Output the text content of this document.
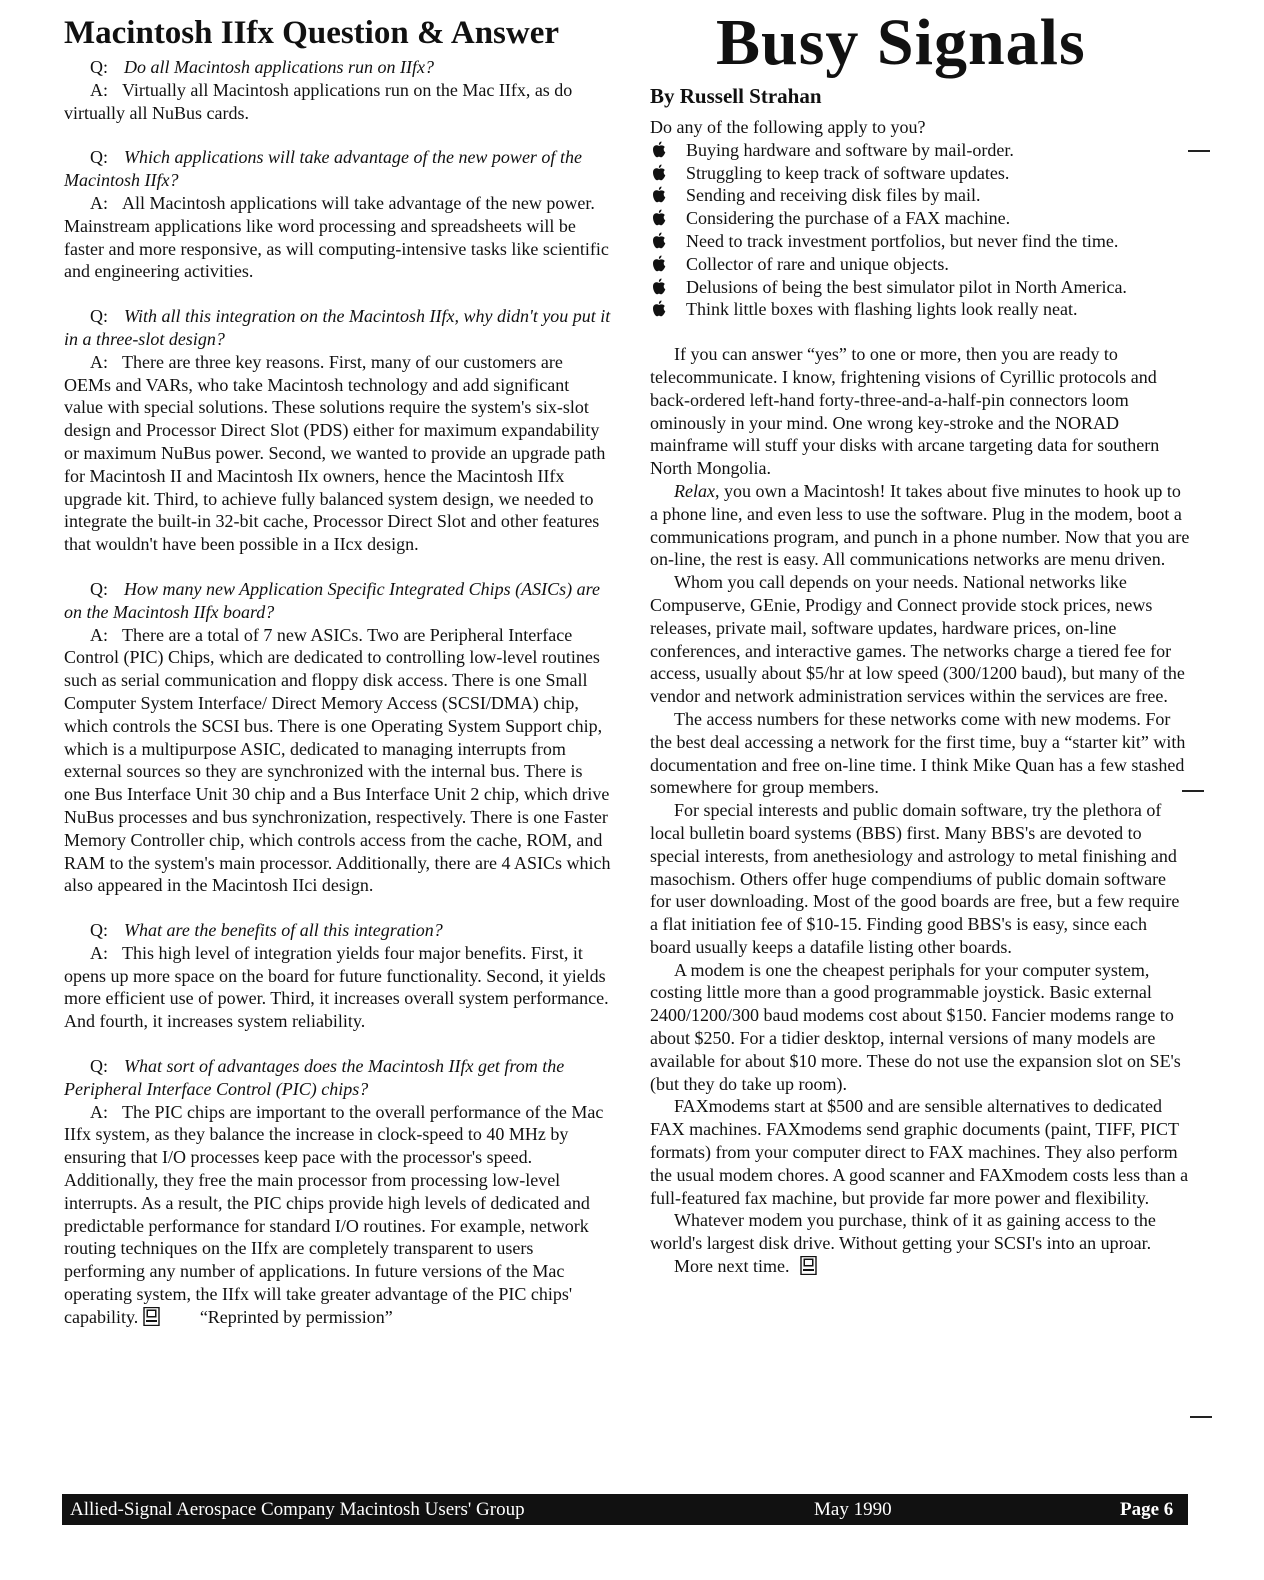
Macintosh IIfx Question & Answer

Q: Do all Macintosh applications run on IIfx?

A: Virtually all Macintosh applications run on the Mac IIfx, as do virtually all NuBus cards.

Q: Which applications will take advantage of the new power of the Macintosh IIfx?

A: All Macintosh applications will take advantage of the new power. Mainstream applications like word processing and spreadsheets will be faster and more responsive, as will computing-intensive tasks like scientific and engineering activities.

Q: With all this integration on the Macintosh IIfx, why didn't you put it in a three-slot design?

A: There are three key reasons. First, many of our customers are OEMs and VARs, who take Macintosh technology and add significant value with special solutions. These solutions require the system's six-slot design and Processor Direct Slot (PDS) either for maximum expandability or maximum NuBus power. Second, we wanted to provide an upgrade path for Macintosh II and Macintosh IIx owners, hence the Macintosh IIfx upgrade kit. Third, to achieve fully balanced system design, we needed to integrate the built-in 32-bit cache, Processor Direct Slot and other features that wouldn't have been possible in a IIcx design.

Q: How many new Application Specific Integrated Chips (ASICs) are on the Macintosh IIfx board?

A: There are a total of 7 new ASICs. Two are Peripheral Interface Control (PIC) Chips, which are dedicated to controlling low-level routines such as serial communication and floppy disk access. There is one Small Computer System Interface/ Direct Memory Access (SCSI/DMA) chip, which controls the SCSI bus. There is one Operating System Support chip, which is a multipurpose ASIC, dedicated to managing interrupts from external sources so they are synchronized with the internal bus. There is one Bus Interface Unit 30 chip and a Bus Interface Unit 2 chip, which drive NuBus processes and bus synchronization, respectively. There is one Faster Memory Controller chip, which controls access from the cache, ROM, and RAM to the system's main processor. Additionally, there are 4 ASICs which also appeared in the Macintosh IIci design.

Q: What are the benefits of all this integration?

A: This high level of integration yields four major benefits. First, it opens up more space on the board for future functionality. Second, it yields more efficient use of power. Third, it increases overall system performance. And fourth, it increases system reliability.

Q: What sort of advantages does the Macintosh IIfx get from the Peripheral Interface Control (PIC) chips?

A: The PIC chips are important to the overall performance of the Mac IIfx system, as they balance the increase in clock-speed to 40 MHz by ensuring that I/O processes keep pace with the processor's speed. Additionally, they free the main processor from processing low-level interrupts. As a result, the PIC chips provide high levels of dedicated and predictable performance for standard I/O routines. For example, network routing techniques on the IIfx are completely transparent to users performing any number of applications. In future versions of the Mac operating system, the IIfx will take greater advantage of the PIC chips' capability.	“Reprinted by permission”

Busy Signals
By Russell Strahan

Do any of the following apply to you?

Buying hardware and software by mail-order.
Struggling to keep track of software updates.
Sending and receiving disk files by mail.
Considering the purchase of a FAX machine.
Need to track investment portfolios, but never find the time.
Collector of rare and unique objects.
Delusions of being the best simulator pilot in North America.
Think little boxes with flashing lights look really neat.

If you can answer “yes” to one or more, then you are ready to telecommunicate. I know, frightening visions of Cyrillic protocols and back-ordered left-hand forty-three-and-a-half-pin connectors loom ominously in your mind. One wrong key-stroke and the NORAD mainframe will stuff your disks with arcane targeting data for southern North Mongolia.

Relax, you own a Macintosh! It takes about five minutes to hook up to a phone line, and even less to use the software. Plug in the modem, boot a communications program, and punch in a phone number. Now that you are on-line, the rest is easy. All communications networks are menu driven.

Whom you call depends on your needs. National networks like Compuserve, GEnie, Prodigy and Connect provide stock prices, news releases, private mail, software updates, hardware prices, on-line conferences, and interactive games. The networks charge a tiered fee for access, usually about $5/hr at low speed (300/1200 baud), but many of the vendor and network administration services within the services are free.

The access numbers for these networks come with new modems. For the best deal accessing a network for the first time, buy a “starter kit” with documentation and free on-line time. I think Mike Quan has a few stashed somewhere for group members.

For special interests and public domain software, try the plethora of local bulletin board systems (BBS) first. Many BBS's are devoted to special interests, from anethesiology and astrology to metal finishing and masochism. Others offer huge compendiums of public domain software for user downloading. Most of the good boards are free, but a few require a flat initiation fee of $10-15. Finding good BBS's is easy, since each board usually keeps a datafile listing other boards.

A modem is one the cheapest periphals for your computer system, costing little more than a good programmable joystick. Basic external 2400/1200/300 baud modems cost about $150. Fancier modems range to about $250. For a tidier desktop, internal versions of many models are available for about $10 more. These do not use the expansion slot on SE's (but they do take up room).

FAXmodems start at $500 and are sensible alternatives to dedicated FAX machines. FAXmodems send graphic documents (paint, TIFF, PICT formats) from your computer direct to FAX machines. They also perform the usual modem chores. A good scanner and FAXmodem costs less than a full-featured fax machine, but provide far more power and flexibility.

Whatever modem you purchase, think of it as gaining access to the world's largest disk drive. Without getting your SCSI's into an uproar.

More next time.

Allied-Signal Aerospace Company Macintosh Users' Group	May 1990	Page 6
